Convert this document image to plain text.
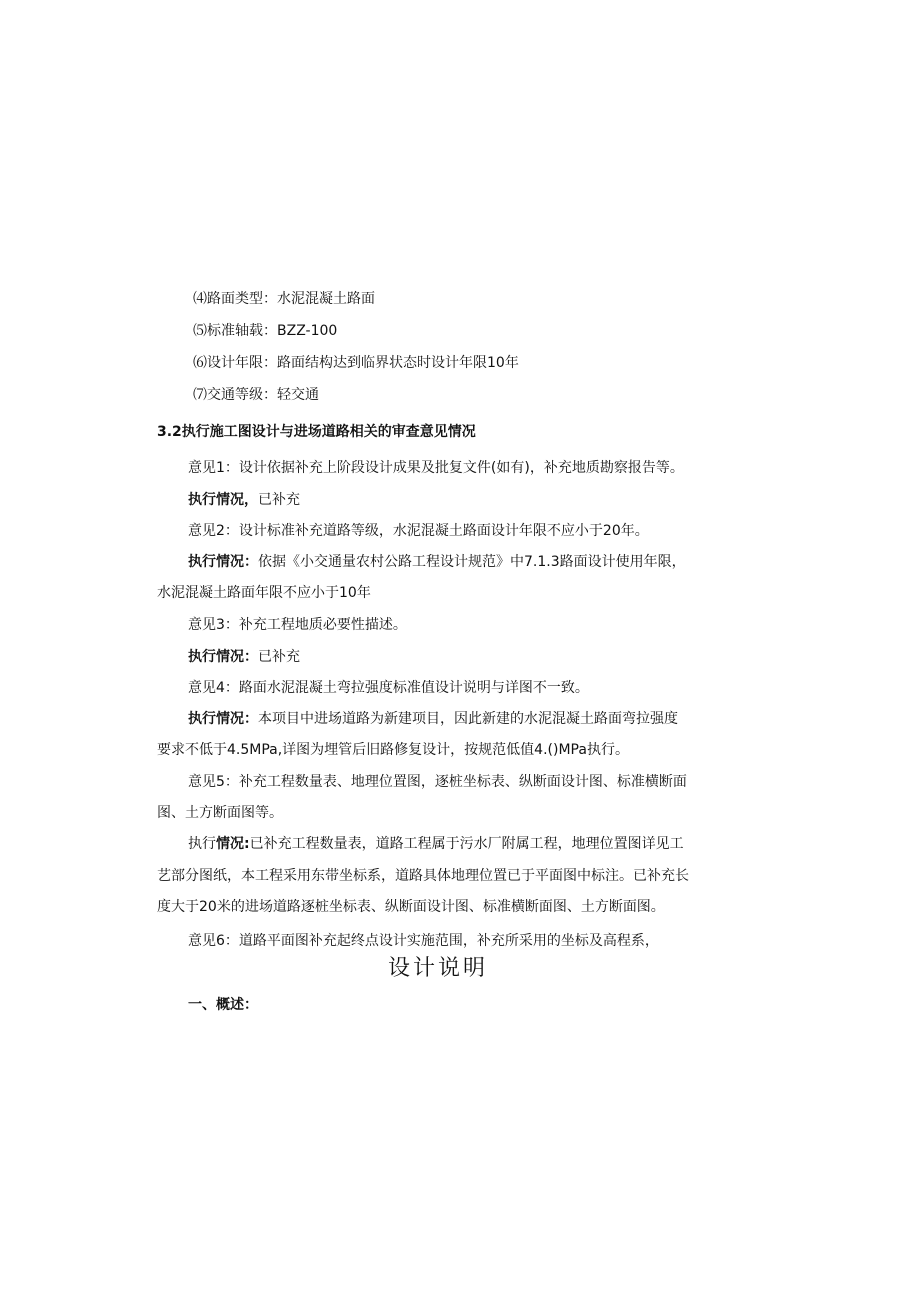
⑷路面类型：水泥混凝土路面
⑸标准轴载：BZZ-100
⑹设计年限：路面结构达到临界状态时设计年限10年
⑺交通等级：轻交通
3.2执行施工图设计与进场道路相关的审查意见情况
意见1：设计依据补充上阶段设计成果及批复文件(如有)，补充地质勘察报告等。
执行情况，已补充
意见2：设计标准补充道路等级，水泥混凝土路面设计年限不应小于20年。
执行情况：依据《小交通量农村公路工程设计规范》中7.1.3路面设计使用年限，
水泥混凝土路面年限不应小于10年
意见3：补充工程地质必要性描述。
执行情况：已补充
意见4：路面水泥混凝土弯拉强度标准值设计说明与详图不一致。
执行情况：本项目中进场道路为新建项目，因此新建的水泥混凝土路面弯拉强度
要求不低于4.5MPa,详图为埋管后旧路修复设计，按规范低值4.()MPa执行。
意见5：补充工程数量表、地理位置图，逐桩坐标表、纵断面设计图、标准横断面
图、土方断面图等。
执行情况:已补充工程数量表，道路工程属于污水厂附属工程，地理位置图详见工
艺部分图纸，本工程采用东带坐标系，道路具体地理位置已于平面图中标注。已补充长
度大于20米的进场道路逐桩坐标表、纵断面设计图、标准横断面图、土方断面图。
意见6：道路平面图补充起终点设计实施范围，补充所采用的坐标及高程系，
设计说明
一、概述：
